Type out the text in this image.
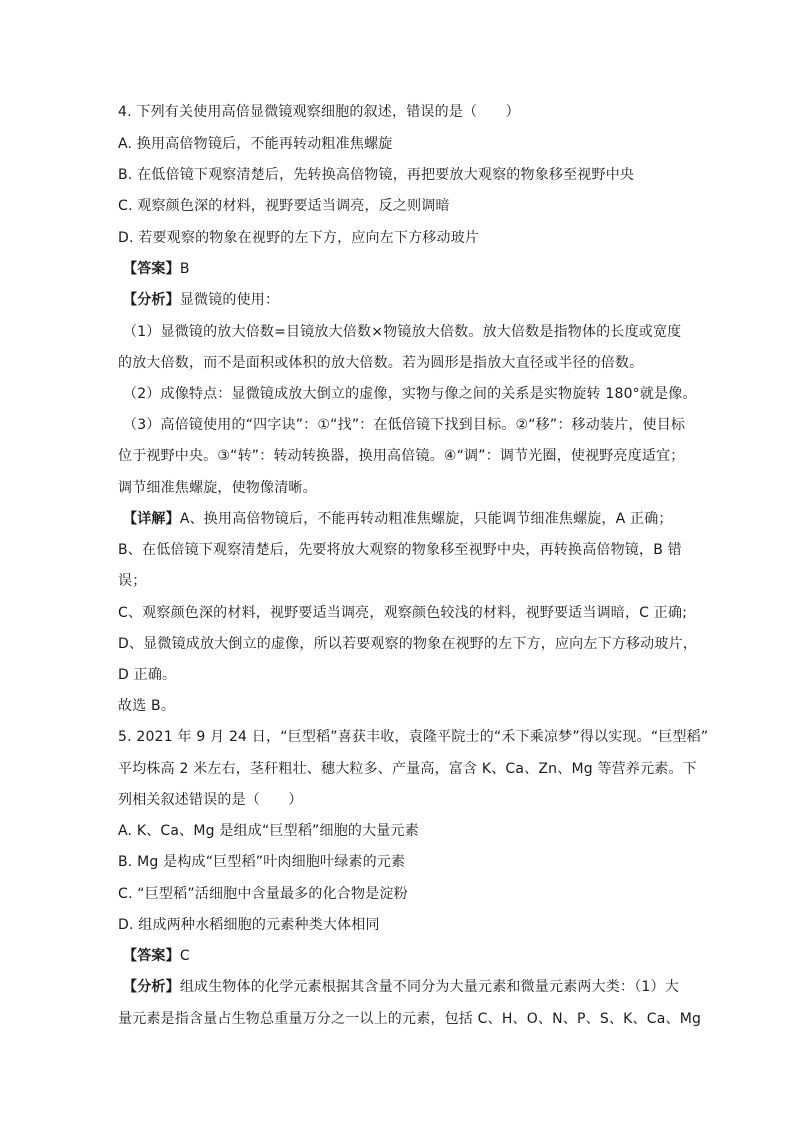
4. 下列有关使用高倍显微镜观察细胞的叙述，错误的是（　　）
A. 换用高倍物镜后，不能再转动粗准焦螺旋
B. 在低倍镜下观察清楚后，先转换高倍物镜，再把要放大观察的物象移至视野中央
C. 观察颜色深的材料，视野要适当调亮，反之则调暗
D. 若要观察的物象在视野的左下方，应向左下方移动玻片
【答案】B
【分析】显微镜的使用：
（1）显微镜的放大倍数=目镜放大倍数×物镜放大倍数。放大倍数是指物体的长度或宽度
的放大倍数，而不是面积或体积的放大倍数。若为圆形是指放大直径或半径的倍数。
（2）成像特点：显微镜成放大倒立的虚像，实物与像之间的关系是实物旋转 180°就是像。
（3）高倍镜使用的“四字诀”：①“找”：在低倍镜下找到目标。②“移”：移动装片，使目标
位于视野中央。③“转”：转动转换器，换用高倍镜。④“调”：调节光圈，使视野亮度适宜；
调节细准焦螺旋，使物像清晰。
【详解】A、换用高倍物镜后，不能再转动粗准焦螺旋，只能调节细准焦螺旋，A 正确；
B、在低倍镜下观察清楚后，先要将放大观察的物象移至视野中央，再转换高倍物镜，B 错
误；
C、观察颜色深的材料，视野要适当调亮，观察颜色较浅的材料，视野要适当调暗，C 正确;
D、显微镜成放大倒立的虚像，所以若要观察的物象在视野的左下方，应向左下方移动玻片，
D 正确。
故选 B。
5. 2021 年 9 月 24 日，“巨型稻”喜获丰收，袁隆平院士的“禾下乘凉梦”得以实现。“巨型稻”
平均株高 2 米左右，茎秆粗壮、穗大粒多、产量高，富含 K、Ca、Zn、Mg 等营养元素。下
列相关叙述错误的是（　　）
A. K、Ca、Mg 是组成“巨型稻”细胞的大量元素
B. Mg 是构成“巨型稻”叶肉细胞叶绿素的元素
C. “巨型稻”活细胞中含量最多的化合物是淀粉
D. 组成两种水稻细胞的元素种类大体相同
【答案】C
【分析】组成生物体的化学元素根据其含量不同分为大量元素和微量元素两大类：（1）大
量元素是指含量占生物总重量万分之一以上的元素，包括 C、H、O、N、P、S、K、Ca、Mg
